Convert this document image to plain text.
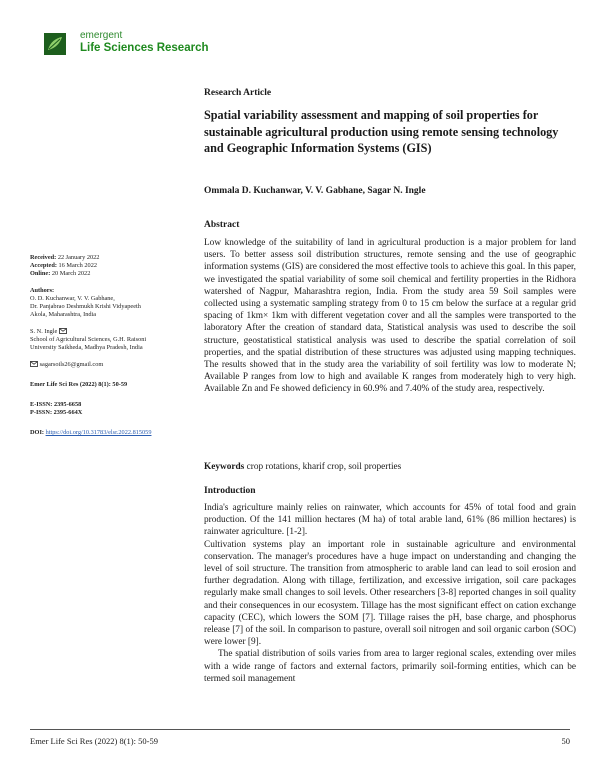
emergent
Life Sciences Research
Research Article
Spatial variability assessment and mapping of soil properties for sustainable agricultural production using remote sensing technology and Geographic Information Systems (GIS)
Ommala D. Kuchanwar, V. V. Gabhane, Sagar N. Ingle
Abstract
Low knowledge of the suitability of land in agricultural production is a major problem for land users. To better assess soil distribution structures, remote sensing and the use of geographic information systems (GIS) are considered the most effective tools to achieve this goal. In this paper, we investigated the spatial variability of some soil chemical and fertility properties in the Ridhora watershed of Nagpur, Maharashtra region, India. From the study area 59 Soil samples were collected using a systematic sampling strategy from 0 to 15 cm below the surface at a regular grid spacing of 1km× 1km with different vegetation cover and all the samples were transported to the laboratory After the creation of standard data, Statistical analysis was used to describe the soil structure, geostatistical statistical analysis was used to describe the spatial correlation of soil properties, and the spatial distribution of these structures was adjusted using mapping techniques. The results showed that in the study area the variability of soil fertility was low to moderate N; Available P ranges from low to high and available K ranges from moderately high to very high. Available Zn and Fe showed deficiency in 60.9% and 7.40% of the study area, respectively.
Keywords crop rotations, kharif crop, soil properties
Introduction

India's agriculture mainly relies on rainwater, which accounts for 45% of total food and grain production. Of the 141 million hectares (M ha) of total arable land, 61% (86 million hectares) is rainwater agriculture. [1-2].

Cultivation systems play an important role in sustainable agriculture and environmental conservation. The manager's procedures have a huge impact on understanding and changing the level of soil structure. The transition from atmospheric to arable land can lead to soil erosion and further degradation. Along with tillage, fertilization, and excessive irrigation, soil care packages regularly make small changes to soil levels. Other researchers [3-8] reported changes in soil quality and their consequences in our ecosystem. Tillage has the most significant effect on cation exchange capacity (CEC), which lowers the SOM [7]. Tillage raises the pH, base charge, and phosphorus release [7] of the soil. In comparison to pasture, overall soil nitrogen and soil organic carbon (SOC) were lower [9].

The spatial distribution of soils varies from area to larger regional scales, extending over miles with a wide range of factors and external factors, primarily soil-forming entities, which can be termed soil management

Received: 22 January 2022
Accepted: 16 March 2022
Online: 20 March 2022
Authors:
O. D. Kuchanwar, V. V. Gabhane,
Dr. Panjabrao Deshmukh Krishi Vidyapeeth
Akola, Maharashtra, India
S. N. Ingle
School of Agricultural Sciences, G.H. Raisoni
University Saikheda, Madhya Pradesh, India
sagarsoils26@gmail.com
Emer Life Sci Res (2022) 8(1): 50-59
E-ISSN: 2395-6658
P-ISSN: 2395-664X
DOI: https://doi.org/10.31783/elsr.2022.815059
Emer Life Sci Res (2022) 8(1): 50-59	50
